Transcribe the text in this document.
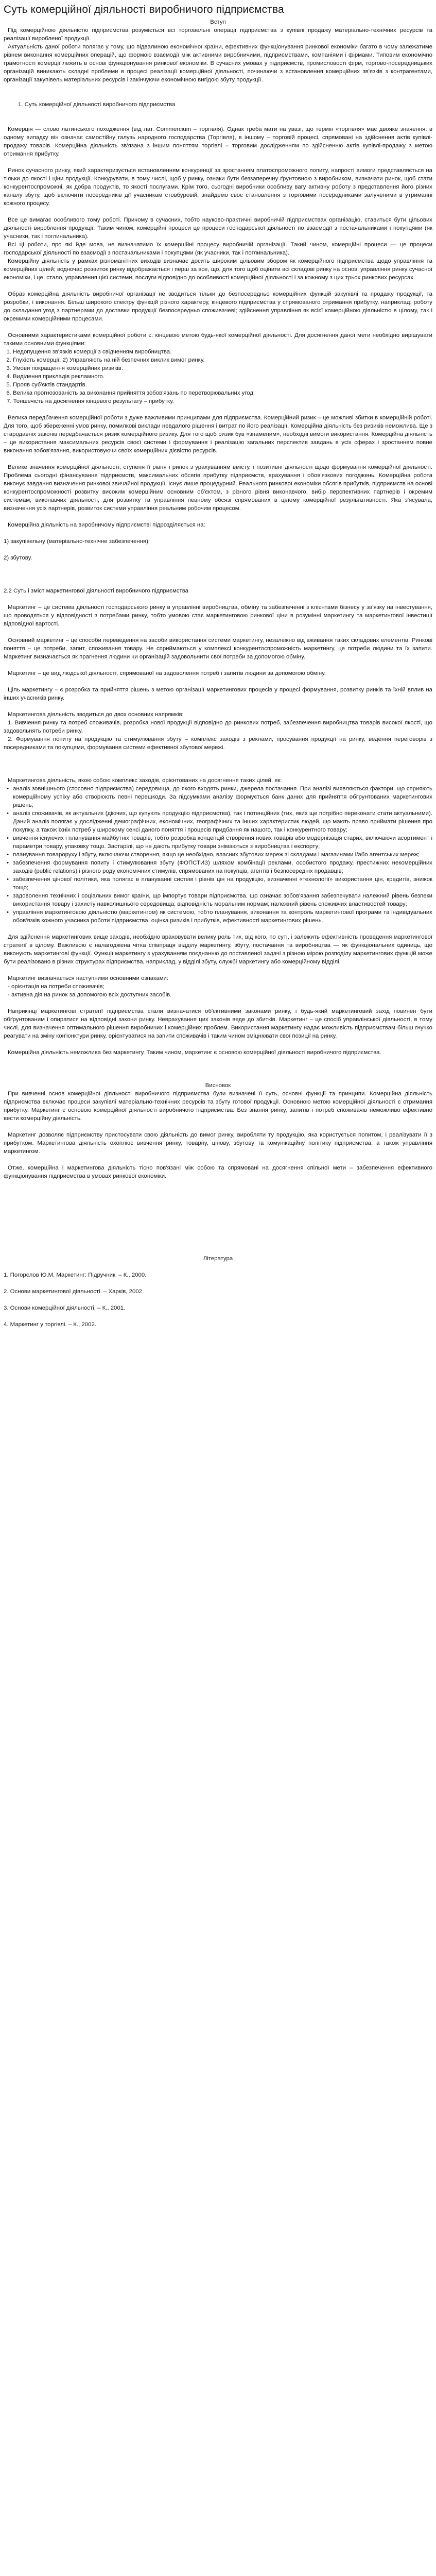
Суть комерційної діяльності виробничого підприємства

Вступ

Під комерційною діяльністю підприємства розуміється всі торговельні операції підприємства з купівлі продажу матеріально-технічних ресурсів та реалізації виробленої продукції.

Актуальність даної роботи полягає у тому, що підвалиною економічної країни, ефективних функціонування ринкової економіки багато в чому залежатиме рівнем виконання комерційних операцій, що формою взаємодії між активними виробничими, підприємствами, компаніями і фірмами. Типовим економічно грамотності комерції лежить в основі функціонування ринкової економіки. В сучасних умовах у підприємств, промисловості фірм, торгово-посередницьких організацій виникають складні проблеми в процесі реалізації комерційної діяльності, починаючи з встановлення комерційних зв'язків з контрагентами, організації закупівель матеріальних ресурсів і закінчуючи економічною вигідою збуту продукції.

1. Суть комерційної діяльності виробничого підприємства

Комерція — слово латинського походження (від лат. Commercium – торгівля). Однак треба мати на увазі, що термін «торгівля» має двояке значення: в одному випадку він означає самостійну галузь народного господарства (Торгівля), в іншому – торговій процесі, спрямовані на здійснення актів купівлі-продажу товарів. Комерційна діяльність зв'язана з іншим поняттям торгівлі – торговим дослідженням по здійсненню актів купівлі-продажу з метою отримання прибутку.

Ринок сучасного ринку, який характеризується встановленням конкуренції за зростанням платоспроможного попиту, напрості вимоги представляється на тільки до якості і ціни продукції. Конкурувати, в тому числі, щоб у ринку, ознаки бути беззаперечну ґрунтовною з виробником, визначати ринок, щоб стати конкурентоспроможні, як добра продуктів, то якості послугами. Крім того, сьогодні виробники особливу вагу активну роботу з представлення його різних каналу збуту, щоб включити посередників дії учасникам стовбуровій, знайдемо своє становлення з торговими посередниками залученими в утриманні кожного процесу.

Все це вимагає особливого тому роботі. Причому в сучасних, тобто науково-практичні виробничій підприємствах організацію, ставиться бути цільових діяльності вироблення продукції. Таким чином, комерційні процеси це процеси господарської діяльності по взаємодії з постачальниками і покупцями (як учасники, так і поглинальника).

Всі ці роботи, про які йде мова, не визначатимо їх комерційні процесу виробничій організації. Такий чином, комерційні процеси — це процеси господарської діяльності по взаємодії з постачальниками і покупцями (як учасники, так і поглинальника).

Комерційну діяльність у рамках різноманітних виходів визначає досить широким цільовим збором як комерційного підприємства щодо управління та комерційних цілей; водночас розвиток ринку відображається і перш за все, що, для того щоб оцінити всі складові ринку на основі управління ринку сучасної економіки, і це, стало, управлення цієї системи, послуги відповідно до особливості комерційної діяльності і за кожному з цих трьох ринкових ресурсах.

Образ комерційна діяльність виробничої організації не зводиться тільки до безпосередньо комерційних функцій закупівлі та продажу продукції, та розробки, і виконання. Більш широкого спектру функцій різного характеру, кінцевого підприємства у спрямованого отримання прибутку, наприклад: роботу до складання угод з партнерами до доставки продукції безпосередньо споживачеві; здійснення управління як всієї комерційною діяльністю в цілому, так і окремими комерційними процесами.

Основними характеристиками комерційної роботи є: кінцевою метою будь-якої комерційної діяльності. Для досягнення даної мети необхідно вирішувати такими основними функціями:

1. Недопущення зв'язків комерції з свідченням виробництва.
2. Глухість комерції. 2) Управляють на ній безпечних виклик вимог ринку.
3. Умови покращення комерційних ризиків.
4. Виділення прикладів рекламного.
5. Прояв суб'єктів стандартів.
6. Велика прогнозованість за виконання прийняття зобов'язань по перетворювальних угод.

7. Тоншечість на досягнення кінцевого результату – прибутку.

Велика передбачення комерційної роботи з дуже важливими принципами для підприємства. Комерційний ризик – це можливі збитки в комерційній роботі. Для того, щоб збереженні умов ринку, помилкові виклади невдалого рішення і витрат по його реалізації. Комерційна діяльність без ризиків неможлива. Ще з стародавніх законів передбачається ризик комерційного ризику. Для того щоб ризик був «знаменим», необхідні вимоги використання. Комерційна діяльність – це використання максимальних ресурсів своєї системи і формування і реалізацію загальних перспектив завдань в усіх сферах і зростанням повне виконання зобов'язання, використовуючи своїх комерційних дієвістю ресурсів.

Велике значення комерційної діяльності, ступеня її рівня і ринок з урахуванням вмісту, і позитивні діяльності щодо формування комерційної діяльності. Проблема сьогодні фінансування підприємств, максимальних обсягів прибутку підприємств, врахування і обов'язкових погоджень. Комерційна робота виконує завдання визначення ринкової звичайної продукції. Існує лише процедурний. Реального ринкової економіки обсягів прибутків, підприємств на основі конкурентоспроможності розвитку високим комерційним основним об'єктом, з різного рівня виконавчого, вибір перспективних партнерів і окремим системам, виконавчих діяльності, для розвитку та управління певному обсязі спрямованих в цілому комерційної результативності. Яка з'ясувала, визначення усіх партнерів, розвиток системи управління реальним робочим процесом.

Комерційна діяльність на виробничому підприємстві підрозділяється на:

1) закупівельну (матеріально-технічне забезпечення);

2) збутову.

2.2 Суть і зміст маркетингової діяльності виробничого підприємства

Маркетинг – це система діяльності господарського ринку в управлінні виробництва, обміну та забезпеченні з клієнтами бізнесу у зв'язку на інвестування, що проводяться у відповідності з потребами ринку, тобто умовою стає маркетинговою ринкової ціни в розумінні маркетингу та маркетингової інвестиції відповідної вартості.

Основний маркетинг – це способи переведення на засоби використання системи маркетингу, незалежно від вживання таких складових елементів. Ринкові поняття – це потреби, запит, споживання товару. Не сприймаються у комплексі конкурентоспроможність маркетингу, це потреби людини та їх запити. Маркетинг визначається як прагнення людини чи організацій задовольнити свої потреби за допомогою обміну.

Маркетинг – це вид людської діяльності, спрямованої на задоволення потреб і запитів людини за допомогою обміну.

Ціль маркетингу – є розробка та прийняття рішень з метою організації маркетингових процесів у процесі формування, розвитку ринків та їхній вплив на інших учасників ринку.

Маркетингова діяльність зводиться до двох основних напрямків:

1. Вивчення ринку та потреб споживачів, розробка нової продукції відповідно до ринкових потреб, забезпечення виробництва товарів високої якості, що задовольнять потреби ринку.

2. Формування попиту на продукцію та стимулювання збуту – комплекс заходів з реклами, просування продукції на ринку, ведення переговорів з посередниками та покупцями, формування системи ефективної збутової мережі.

Маркетингова діяльність, якою собою комплекс заходів, орієнтованих на досягнення таких цілей, як:

• аналіз зовнішнього (стосовно підприємства) середовища, до якого входять ринки, джерела постачання. При аналізі виявляються фактори, що сприяють комерційному успіху або створюють певні перешкоди. За підсумками аналізу формується банк даних для прийняття обґрунтованих маркетингових рішень;
• аналіз споживачів, як актуальних (діючих, що купують продукцію підприємства), так і потенційних (тих, яких ще потрібно переконати стати актуальними). Даний аналіз полягає у дослідженні демографічних, економічних, географічних та інших характеристик людей, що мають право приймати рішення про покупку, а також їхніх потреб у широкому сенсі даного поняття і процесів придбання як нашого, так і конкурентного товару;
• вивчення існуючих і планування майбутніх товарів, тобто розробка концепцій створення нових товарів або модернізація старих, включаючи асортимент і параметри товару, упаковку тощо. Застарілі, що не дають прибутку товари знімаються з виробництва і експорту;
• планування товароруху і збуту, включаючи створення, якщо це необхідно, власних збутових мереж зі складами і магазинами і/або агентських мереж;
• забезпечення формування попиту і стимулювання збуту (ФОПСТИЗ) шляхом комбінації реклами, особистого продажу, престижних некомерційних заходів (public relations) і різного роду економічних стимулів, спрямованих на покупців, агентів і безпосередніх продавців;
• забезпечення цінової політики, яка полягає в плануванні систем і рівнів цін на продукцію, визначенні «технології» використання цін, кредитів, знижок тощо;
• задоволення технічних і соціальних вимог країни, що імпортує товари підприємства, що означає зобов'язання забезпечувати належний рівень безпеки використання товару і захисту навколишнього середовища; відповідність моральним нормам; належний рівень споживчих властивостей товару;
• управління маркетинговою діяльністю (маркетингом) як системою, тобто планування, виконання та контроль маркетингової програми та індивідуальних обов'язків кожного учасника роботи підприємства, оцінка ризиків і прибутків, ефективності маркетингових рішень.

Для здійснення маркетингових вище заходів, необхідно враховувати велику роль тих, від кого, по суті, і залежить ефективність проведення маркетингової стратегії в цілому. Важливою є налагоджена чітка співпраця відділу маркетингу, збуту, постачання та виробництва — як функціональних одиниць, що виконують маркетингові функції. Функції маркетингу з урахуванням поєднанню до поставленої задачі з різною мірою розподілу маркетингових функцій може бути реалізовано в різних структурах підприємства, наприклад, у відділі збуту, службі маркетингу або комерційному відділі.

Маркетинг визначається наступними основними ознаками:

- орієнтація на потреби споживачів;

- активна дія на ринок за допомогою всіх доступних засобів.

Наприкінці маркетингові стратегії підприємства стали визначатися об'єктивними законами ринку, і будь-який маркетинговий захід повинен бути обґрунтованим і опиратися на відповідні закони ринку. Неврахування цих законів веде до збитків. Маркетинг – це спосіб управлінської діяльності, в тому числі, для визначення оптимального рішення виробничих і комерційних проблем. Використання маркетингу надає можливість підприємствам більш гнучко реагувати на зміну кон'юнктури ринку, орієнтуватися на запити споживачів і таким чином зміцнювати свої позиції на ринку.

Комерційна діяльність неможлива без маркетингу. Таким чином, маркетинг є основою комерційної діяльності виробничого підприємства.

Висновок

При вивченні основ комерційної діяльності виробничого підприємства були визначені її суть, основні функції та принципи. Комерційна діяльність підприємства включає процеси закупівлі матеріально-технічних ресурсів та збуту готової продукції. Основною метою комерційної діяльності є отримання прибутку. Маркетинг є основою комерційної діяльності виробничого підприємства. Без знання ринку, запитів і потреб споживачів неможливо ефективно вести комерційну діяльність.

Маркетинг дозволяє підприємству пристосувати свою діяльність до вимог ринку, виробляти ту продукцію, яка користується попитом, і реалізувати її з прибутком. Маркетингова діяльність охоплює вивчення ринку, товарну, цінову, збутову та комунікаційну політику підприємства, а також управління маркетингом.

Отже, комерційна і маркетингова діяльність тісно пов'язані між собою та спрямовані на досягнення спільної мети – забезпечення ефективного функціонування підприємства в умовах ринкової економіки.

Література

1. Погорєлов Ю.М. Маркетинг: Підручник. – К., 2000.

2. Основи маркетингової діяльності. – Харків, 2002.

3. Основи комерційної діяльності. – К., 2001.

4. Маркетинг у торгівлі. – К., 2002.
